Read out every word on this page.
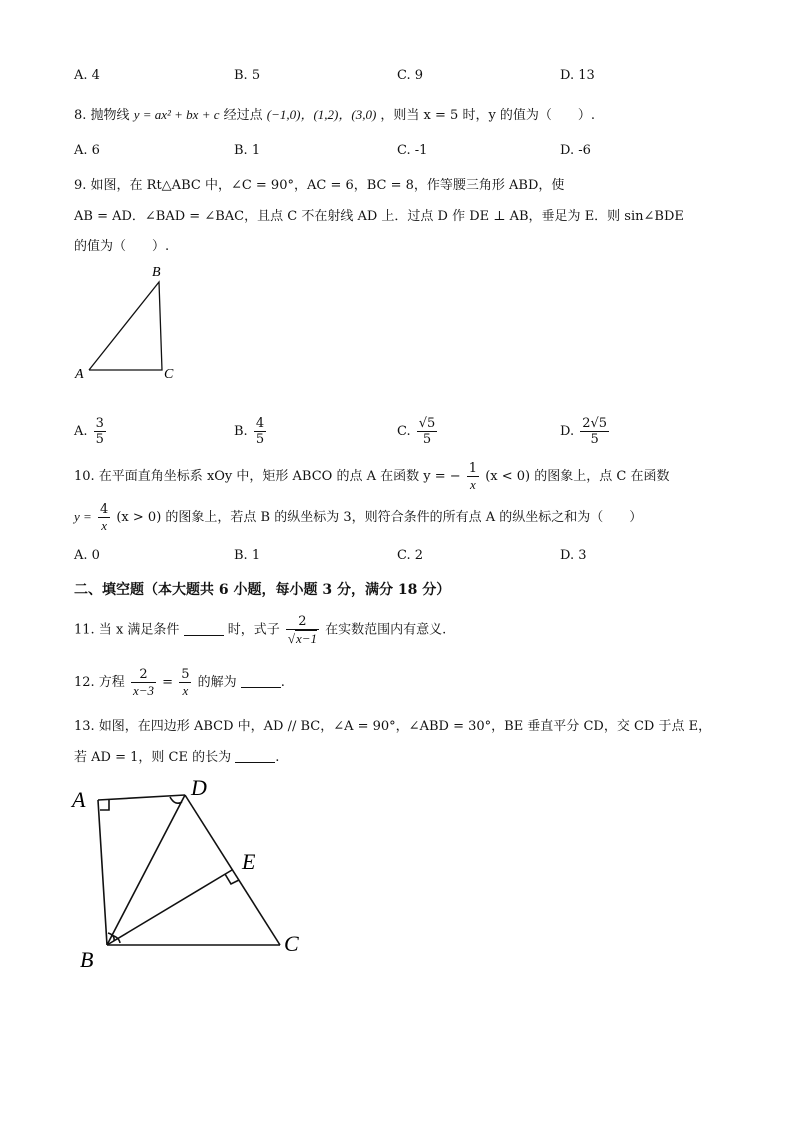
A. 4	B. 5	C. 9	D. 13
8. 抛物线 y = ax² + bx + c 经过点 (−1,0)，(1,2)，(3,0) ，则当 x = 5 时，y 的值为（　　）.
A. 6	B. 1	C. -1	D. -6
9. 如图，在 Rt△ABC 中，∠C = 90°，AC = 6，BC = 8，作等腰三角形 ABD，使
AB = AD．∠BAD = ∠BAC，且点 C 不在射线 AD 上．过点 D 作 DE ⊥ AB，垂足为 E．则 sin∠BDE
的值为（　　）.
B
A	C
A. $\frac{3}{5}$	B. $\frac{4}{5}$	C. $\frac{√5}{5}$	D. $\frac{2√5}{5}$
10. 在平面直角坐标系 xOy 中，矩形 ABCO 的点 A 在函数 y = − $\frac{1}{x} (x < 0)$ 的图象上，点 C 在函数
$y = \frac{4}{x} (x > 0)$ 的图象上，若点 B 的纵坐标为 3，则符合条件的所有点 A 的纵坐标之和为（　　）
A. 0	B. 1	C. 2	D. 3
二、填空题（本大题共 6 小题，每小题 3 分，满分 18 分）
11. 当 x 满足条件	时，式子 $\frac{2}{√x-1}$ 在实数范围内有意义.
12. 方程 $\frac{2}{x-3} = \frac{5}{x}$ 的解为	.
13. 如图，在四边形 ABCD 中，AD // BC，∠A = 90°，∠ABD = 30°，BE 垂直平分 CD，交 CD 于点 E，
若 AD = 1，则 CE 的长为	.
A	D
E
C
B
